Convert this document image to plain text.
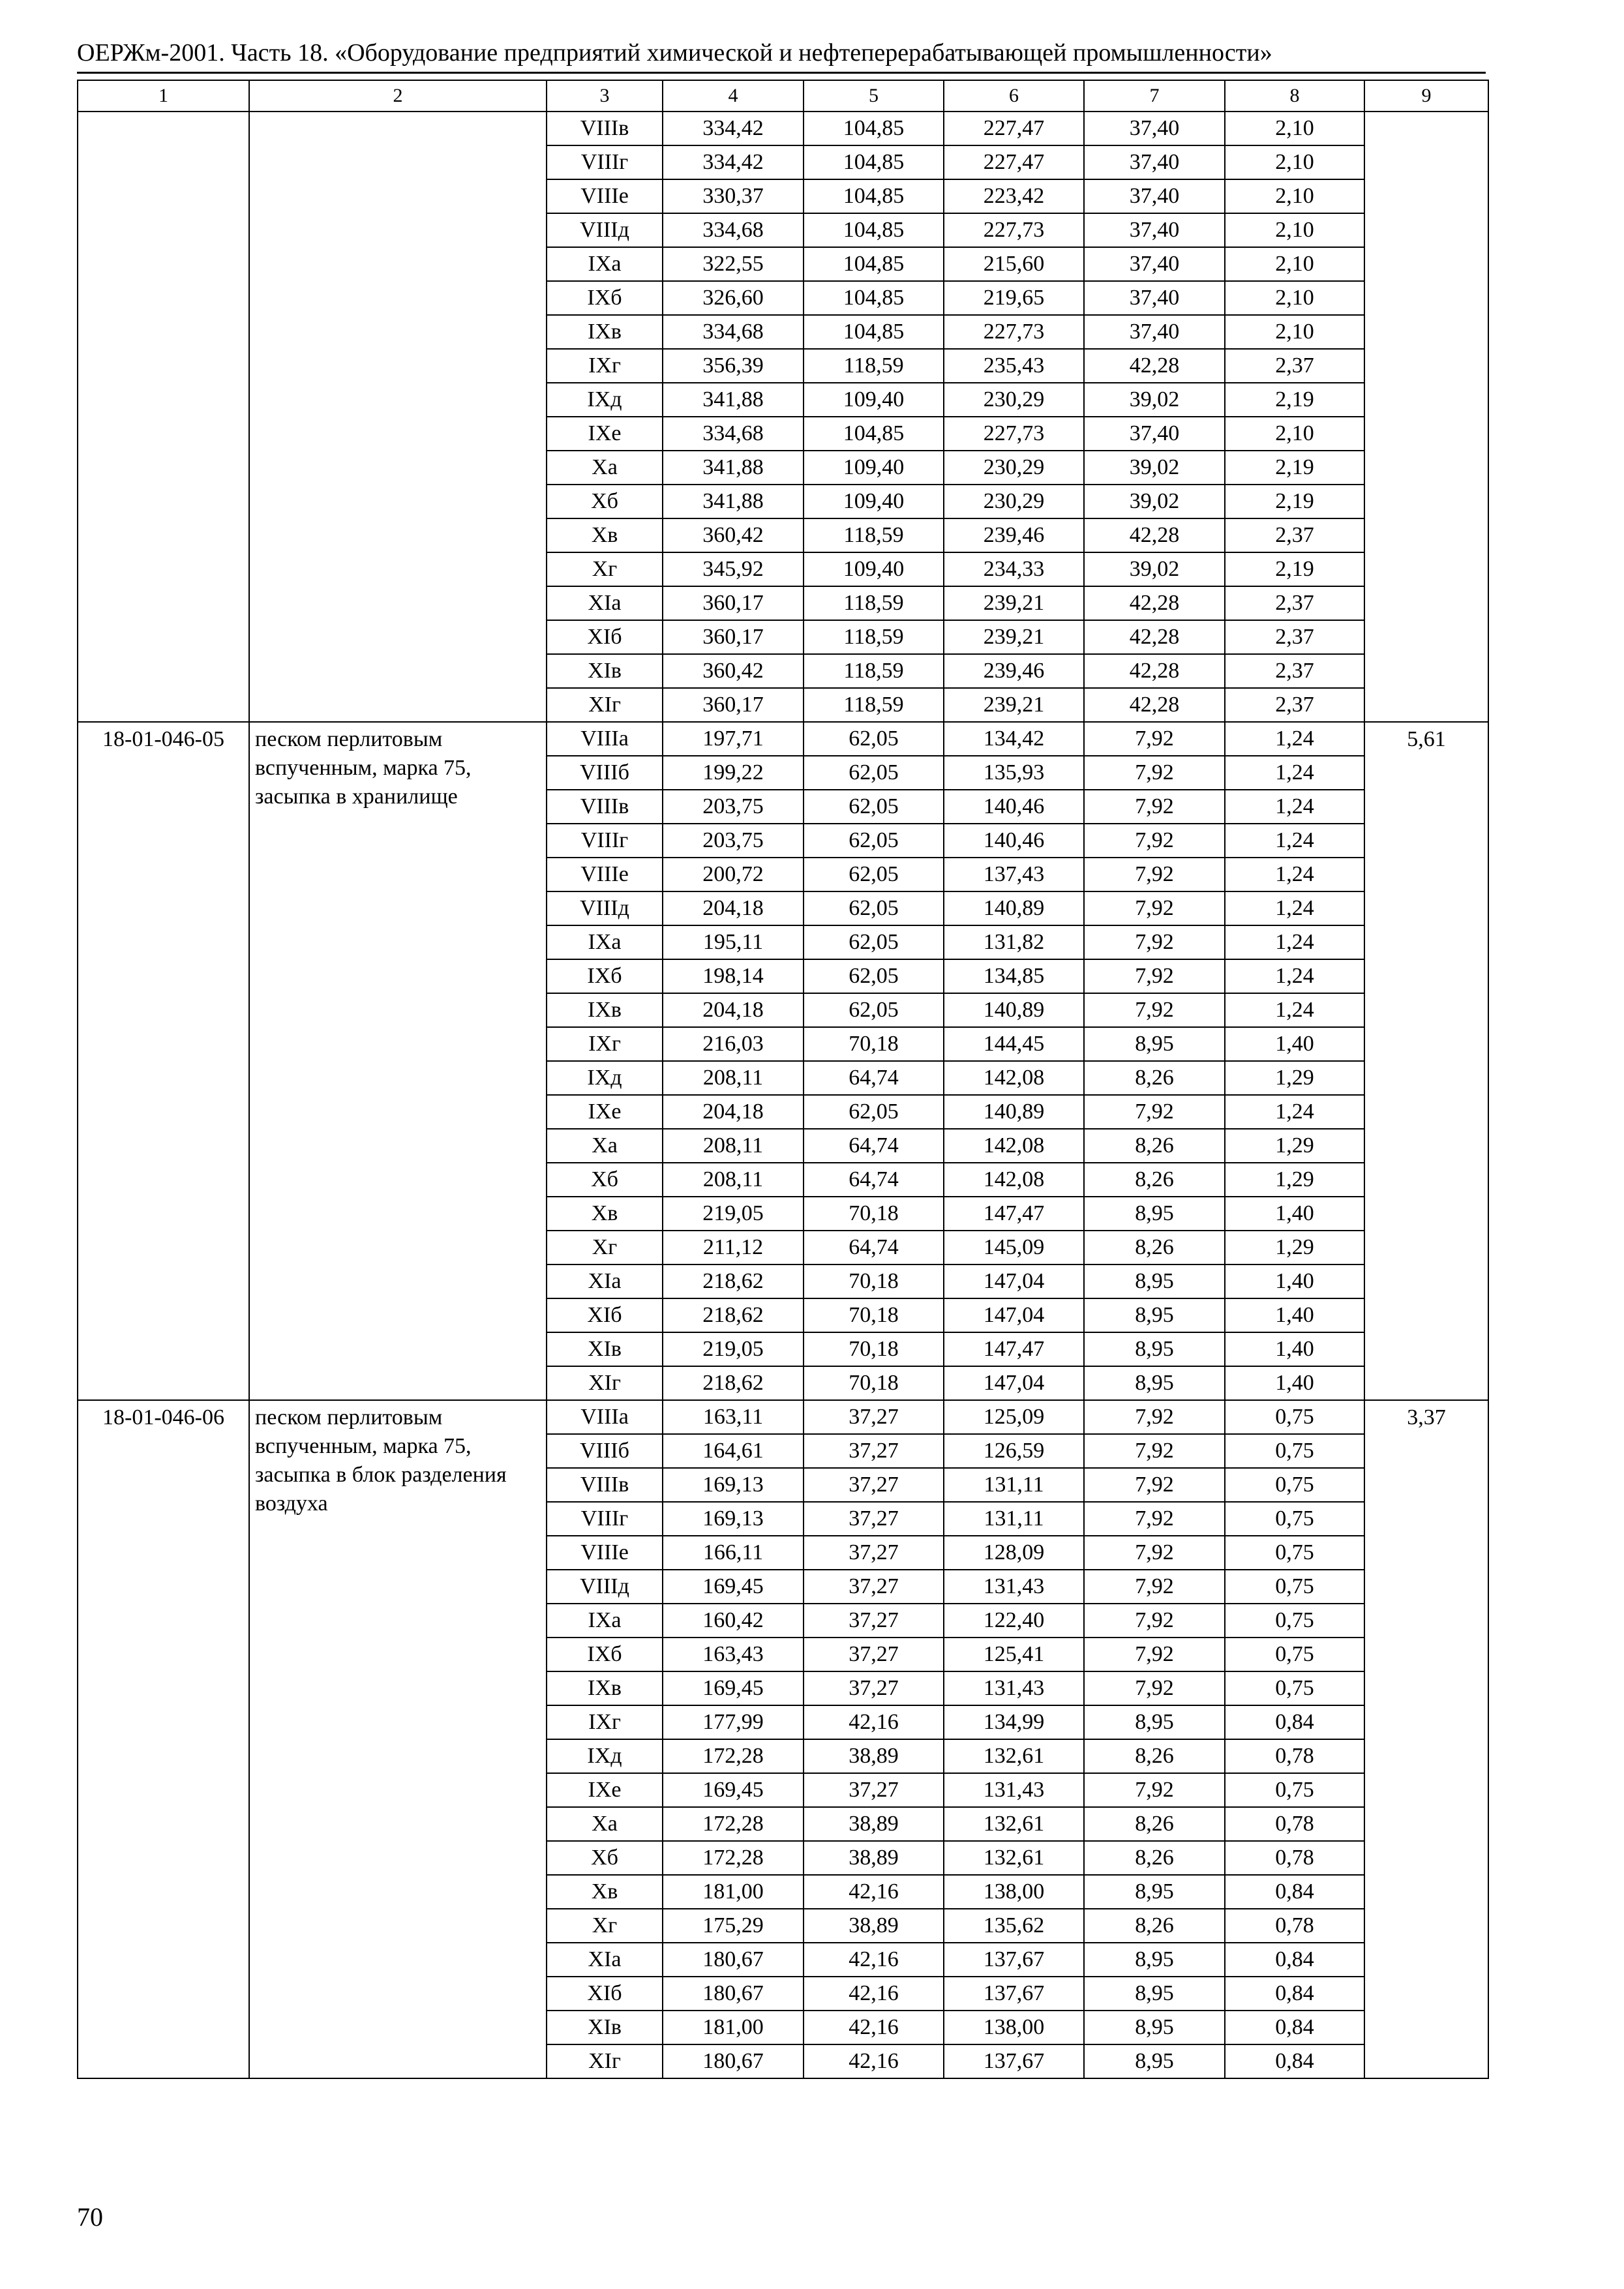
ОЕРЖм-2001. Часть 18. «Оборудование предприятий химической и нефтеперерабатывающей промышленности»
1	2	3	4	5	6	7	8	9
		VIIIв	334,42	104,85	227,47	37,40	2,10	
		VIIIг	334,42	104,85	227,47	37,40	2,10	
		VIIIе	330,37	104,85	223,42	37,40	2,10	
		VIIIд	334,68	104,85	227,73	37,40	2,10	
		IXа	322,55	104,85	215,60	37,40	2,10	
		IXб	326,60	104,85	219,65	37,40	2,10	
		IXв	334,68	104,85	227,73	37,40	2,10	
		IXг	356,39	118,59	235,43	42,28	2,37	
		IXд	341,88	109,40	230,29	39,02	2,19	
		IXе	334,68	104,85	227,73	37,40	2,10	
		Xа	341,88	109,40	230,29	39,02	2,19	
		Xб	341,88	109,40	230,29	39,02	2,19	
		Xв	360,42	118,59	239,46	42,28	2,37	
		Xг	345,92	109,40	234,33	39,02	2,19	
		XIа	360,17	118,59	239,21	42,28	2,37	
		XIб	360,17	118,59	239,21	42,28	2,37	
		XIв	360,42	118,59	239,46	42,28	2,37	
		XIг	360,17	118,59	239,21	42,28	2,37	
18-01-046-05	песком перлитовым вспученным, марка 75, засыпка в хранилище	VIIIа	197,71	62,05	134,42	7,92	1,24	5,61
		VIIIб	199,22	62,05	135,93	7,92	1,24	
		VIIIв	203,75	62,05	140,46	7,92	1,24	
		VIIIг	203,75	62,05	140,46	7,92	1,24	
		VIIIе	200,72	62,05	137,43	7,92	1,24	
		VIIIд	204,18	62,05	140,89	7,92	1,24	
		IXа	195,11	62,05	131,82	7,92	1,24	
		IXб	198,14	62,05	134,85	7,92	1,24	
		IXв	204,18	62,05	140,89	7,92	1,24	
		IXг	216,03	70,18	144,45	8,95	1,40	
		IXд	208,11	64,74	142,08	8,26	1,29	
		IXе	204,18	62,05	140,89	7,92	1,24	
		Xа	208,11	64,74	142,08	8,26	1,29	
		Xб	208,11	64,74	142,08	8,26	1,29	
		Xв	219,05	70,18	147,47	8,95	1,40	
		Xг	211,12	64,74	145,09	8,26	1,29	
		XIа	218,62	70,18	147,04	8,95	1,40	
		XIб	218,62	70,18	147,04	8,95	1,40	
		XIв	219,05	70,18	147,47	8,95	1,40	
		XIг	218,62	70,18	147,04	8,95	1,40	
18-01-046-06	песком перлитовым вспученным, марка 75, засыпка в блок разделения воздуха	VIIIа	163,11	37,27	125,09	7,92	0,75	3,37
		VIIIб	164,61	37,27	126,59	7,92	0,75	
		VIIIв	169,13	37,27	131,11	7,92	0,75	
		VIIIг	169,13	37,27	131,11	7,92	0,75	
		VIIIе	166,11	37,27	128,09	7,92	0,75	
		VIIIд	169,45	37,27	131,43	7,92	0,75	
		IXа	160,42	37,27	122,40	7,92	0,75	
		IXб	163,43	37,27	125,41	7,92	0,75	
		IXв	169,45	37,27	131,43	7,92	0,75	
		IXг	177,99	42,16	134,99	8,95	0,84	
		IXд	172,28	38,89	132,61	8,26	0,78	
		IXе	169,45	37,27	131,43	7,92	0,75	
		Xа	172,28	38,89	132,61	8,26	0,78	
		Xб	172,28	38,89	132,61	8,26	0,78	
		Xв	181,00	42,16	138,00	8,95	0,84	
		Xг	175,29	38,89	135,62	8,26	0,78	
		XIа	180,67	42,16	137,67	8,95	0,84	
		XIб	180,67	42,16	137,67	8,95	0,84	
		XIв	181,00	42,16	138,00	8,95	0,84	
		XIг	180,67	42,16	137,67	8,95	0,84	
70
